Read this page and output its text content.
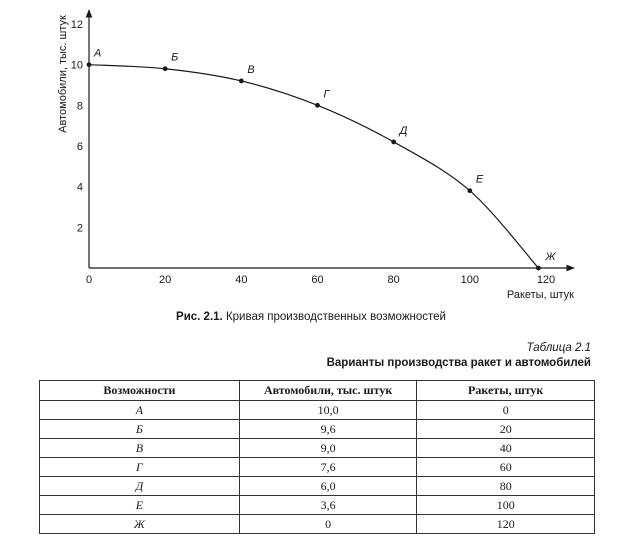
0	20	40	60	80	100	120
2
4
6
8
10
12
А	Б
В
Г
Д
Е
Ж
Ракеты, штук
Автомобили, тыс. штук
Рис. 2.1. Кривая производственных возможностей
Таблица 2.1
Варианты производства ракет и автомобилей
Возможности	Автомобили, тыс. штук	Ракеты, штук
А	10,0	0
Б	9,6	20
В	9,0	40
Г	7,6	60
Д	6,0	80
Е	3,6	100
Ж	0	120
